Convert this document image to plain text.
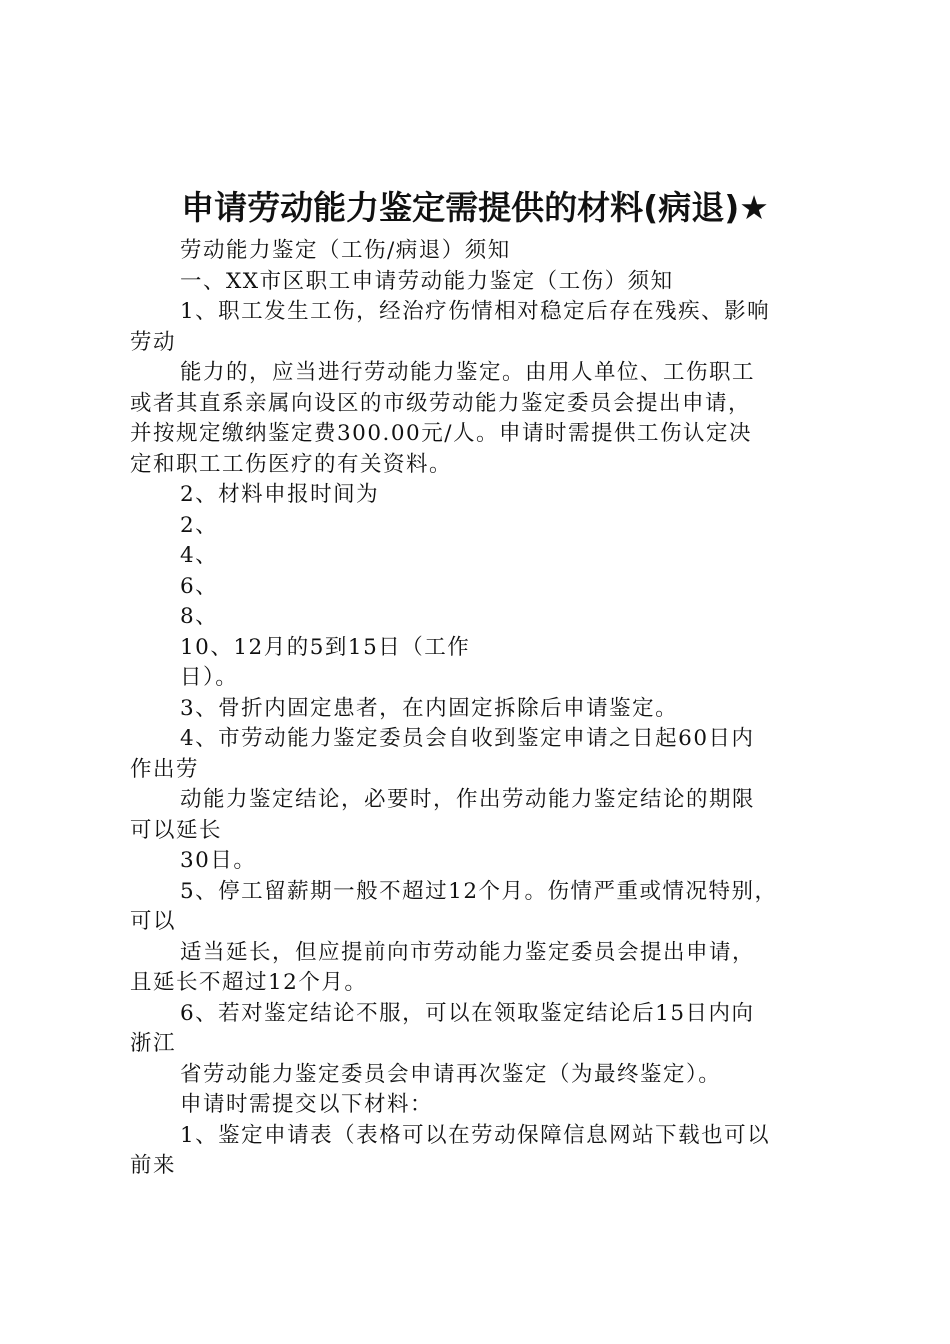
申请劳动能力鉴定需提供的材料(病退)★
劳动能力鉴定（工伤/病退）须知
一、XX市区职工申请劳动能力鉴定（工伤）须知
1、职工发生工伤，经治疗伤情相对稳定后存在残疾、影响
劳动
能力的，应当进行劳动能力鉴定。由用人单位、工伤职工
或者其直系亲属向设区的市级劳动能力鉴定委员会提出申请，
并按规定缴纳鉴定费300.00元/人。申请时需提供工伤认定决
定和职工工伤医疗的有关资料。
2、材料申报时间为
2、
4、
6、
8、
10、12月的5到15日（工作
日）。
3、骨折内固定患者，在内固定拆除后申请鉴定。
4、市劳动能力鉴定委员会自收到鉴定申请之日起60日内
作出劳
动能力鉴定结论，必要时，作出劳动能力鉴定结论的期限
可以延长
30日。
5、停工留薪期一般不超过12个月。伤情严重或情况特别，
可以
适当延长，但应提前向市劳动能力鉴定委员会提出申请，
且延长不超过12个月。
6、若对鉴定结论不服，可以在领取鉴定结论后15日内向
浙江
省劳动能力鉴定委员会申请再次鉴定（为最终鉴定）。
申请时需提交以下材料：
1、鉴定申请表（表格可以在劳动保障信息网站下载也可以
前来
